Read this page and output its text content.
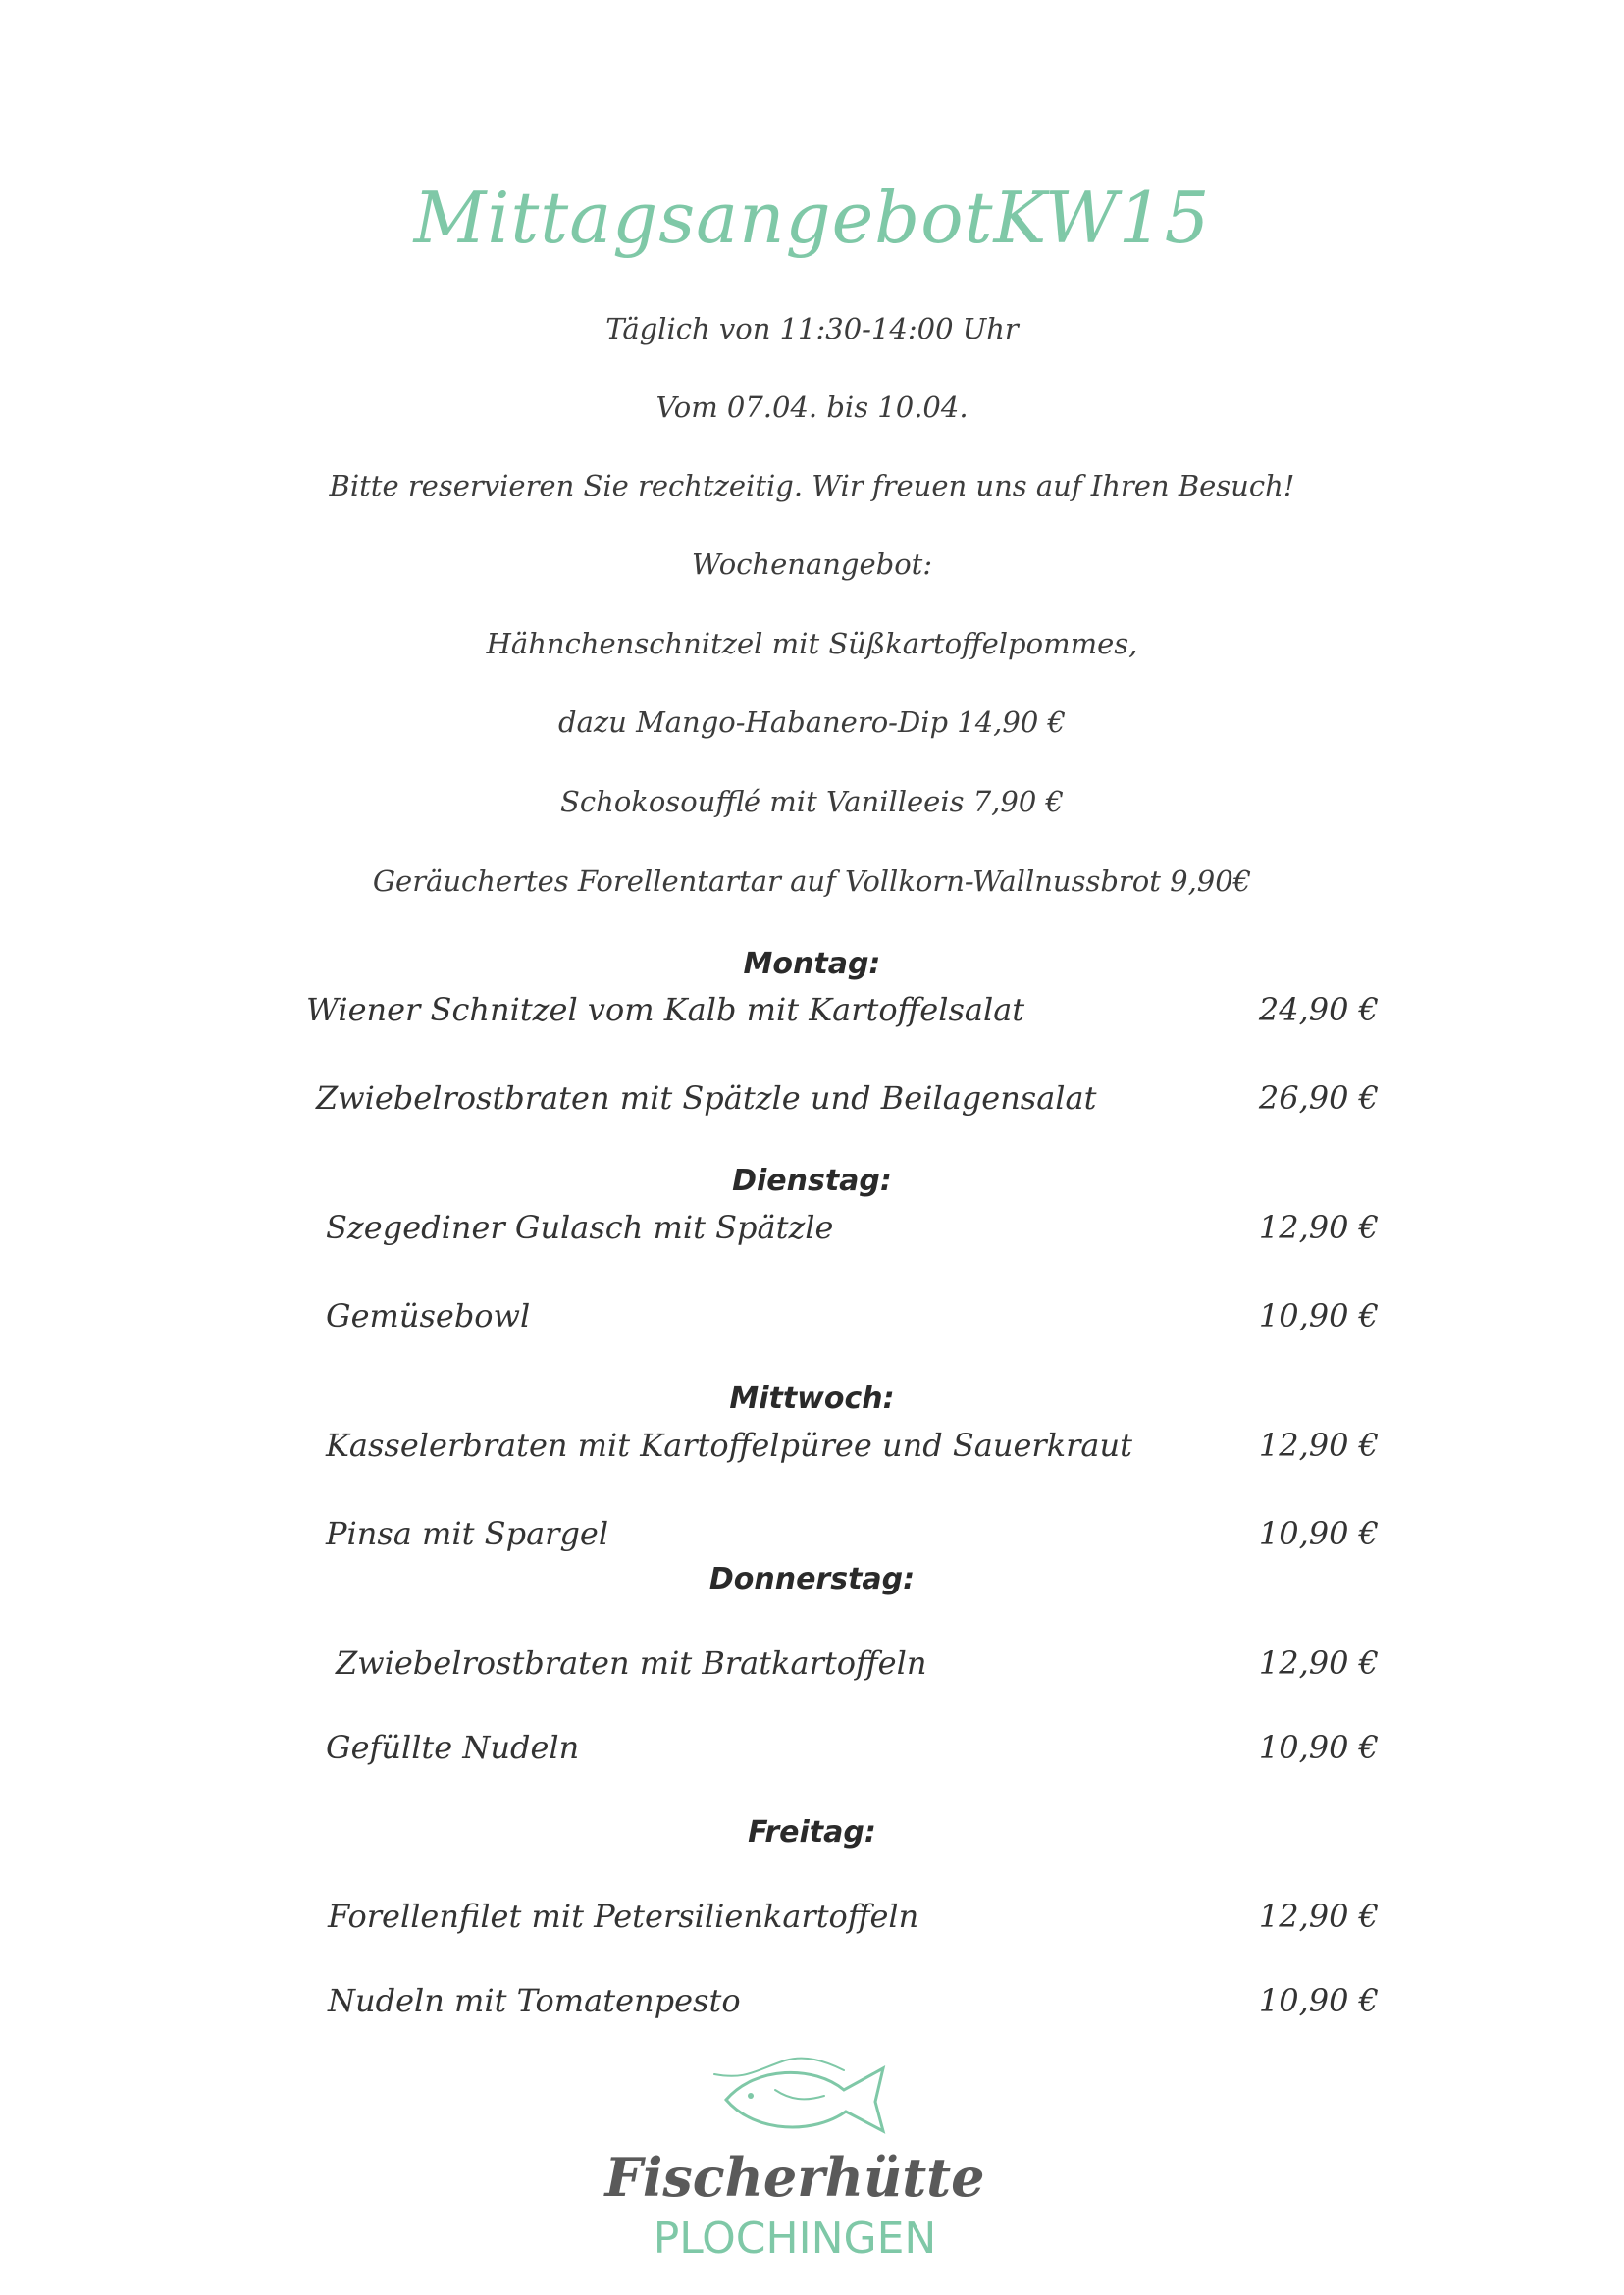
MittagsangebotKW15
Täglich von 11:30-14:00 Uhr
Vom 07.04. bis 10.04.
Bitte reservieren Sie rechtzeitig. Wir freuen uns auf Ihren Besuch!
Wochenangebot:
Hähnchenschnitzel mit Süßkartoffelpommes,
dazu Mango-Habanero-Dip 14,90 €
Schokosoufflé mit Vanilleeis 7,90 €
Geräuchertes Forellentartar auf Vollkorn-Wallnussbrot 9,90€
Montag:
Wiener Schnitzel vom Kalb mit Kartoffelsalat	24,90 €
Zwiebelrostbraten mit Spätzle und Beilagensalat	26,90 €
Dienstag:
Szegediner Gulasch mit Spätzle	12,90 €
Gemüsebowl	10,90 €
Mittwoch:
Kasselerbraten mit Kartoffelpüree und Sauerkraut	12,90 €
Pinsa mit Spargel	10,90 €
Donnerstag:
Zwiebelrostbraten mit Bratkartoffeln	12,90 €
Gefüllte Nudeln	10,90 €
Freitag:
Forellenfilet mit Petersilienkartoffeln	12,90 €
Nudeln mit Tomatenpesto	10,90 €
Fischerhütte
PLOCHINGEN
